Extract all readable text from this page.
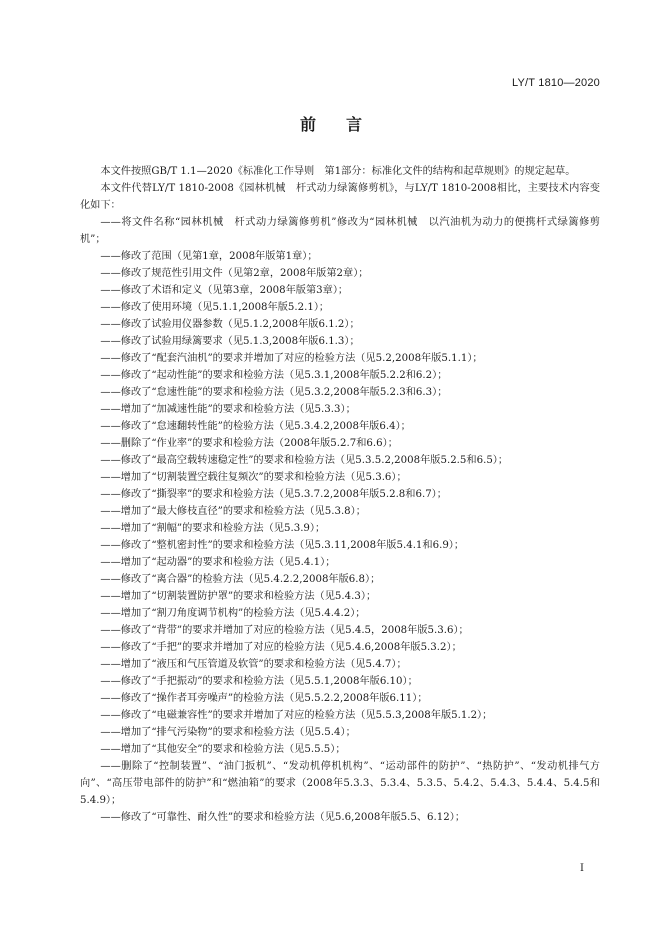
LY/T 1810—2020
前言

本文件按照GB/T 1.1—2020《标准化工作导则　第1部分：标准化文件的结构和起草规则》的规定起草。

本文件代替LY/T 1810-2008《园林机械　杆式动力绿篱修剪机》，与LY/T 1810-2008相比，主要技术内容变化如下：

——将文件名称“园林机械　杆式动力绿篱修剪机”修改为“园林机械　以汽油机为动力的便携杆式绿篱修剪机”；

——修改了范围（见第1章，2008年版第1章）；

——修改了规范性引用文件（见第2章，2008年版第2章）；

——修改了术语和定义（见第3章，2008年版第3章）；

——修改了使用环境（见5.1.1,2008年版5.2.1）；

——修改了试验用仪器参数（见5.1.2,2008年版6.1.2）；

——修改了试验用绿篱要求（见5.1.3,2008年版6.1.3）；

——修改了“配套汽油机”的要求并增加了对应的检验方法（见5.2,2008年版5.1.1）；

——修改了“起动性能”的要求和检验方法（见5.3.1,2008年版5.2.2和6.2）；

——修改了“怠速性能”的要求和检验方法（见5.3.2,2008年版5.2.3和6.3）；

——增加了“加减速性能”的要求和检验方法（见5.3.3）；

——修改了“怠速翻转性能”的检验方法（见5.3.4.2,2008年版6.4）；

——删除了“作业率”的要求和检验方法（2008年版5.2.7和6.6）；

——修改了“最高空载转速稳定性”的要求和检验方法（见5.3.5.2,2008年版5.2.5和6.5）；

——增加了“切割装置空载往复频次”的要求和检验方法（见5.3.6）；

——修改了“撕裂率”的要求和检验方法（见5.3.7.2,2008年版5.2.8和6.7）；

——增加了“最大修枝直径”的要求和检验方法（见5.3.8）；

——增加了“割幅”的要求和检验方法（见5.3.9）；

——修改了“整机密封性”的要求和检验方法（见5.3.11,2008年版5.4.1和6.9）；

——增加了“起动器”的要求和检验方法（见5.4.1）；

——修改了“离合器”的检验方法（见5.4.2.2,2008年版6.8）；

——增加了“切割装置防护罩”的要求和检验方法（见5.4.3）；

——增加了“割刀角度调节机构”的检验方法（见5.4.4.2）；

——修改了“背带”的要求并增加了对应的检验方法（见5.4.5，2008年版5.3.6）；

——修改了“手把”的要求并增加了对应的检验方法（见5.4.6,2008年版5.3.2）；

——增加了“液压和气压管道及软管”的要求和检验方法（见5.4.7）；

——修改了“手把振动”的要求和检验方法（见5.5.1,2008年版6.10）；

——修改了“操作者耳旁噪声”的检验方法（见5.5.2.2,2008年版6.11）；

——修改了“电磁兼容性”的要求并增加了对应的检验方法（见5.5.3,2008年版5.1.2）；

——增加了“排气污染物”的要求和检验方法（见5.5.4）；

——增加了“其他安全”的要求和检验方法（见5.5.5）；

——删除了“控制装置”、“油门扳机”、“发动机停机机构”、“运动部件的防护”、“热防护”、“发动机排气方向”、“高压带电部件的防护”和“燃油箱”的要求（2008年5.3.3、5.3.4、5.3.5、5.4.2、5.4.3、5.4.4、5.4.5和5.4.9）；

——修改了“可靠性、耐久性”的要求和检验方法（见5.6,2008年版5.5、6.12）；

I
